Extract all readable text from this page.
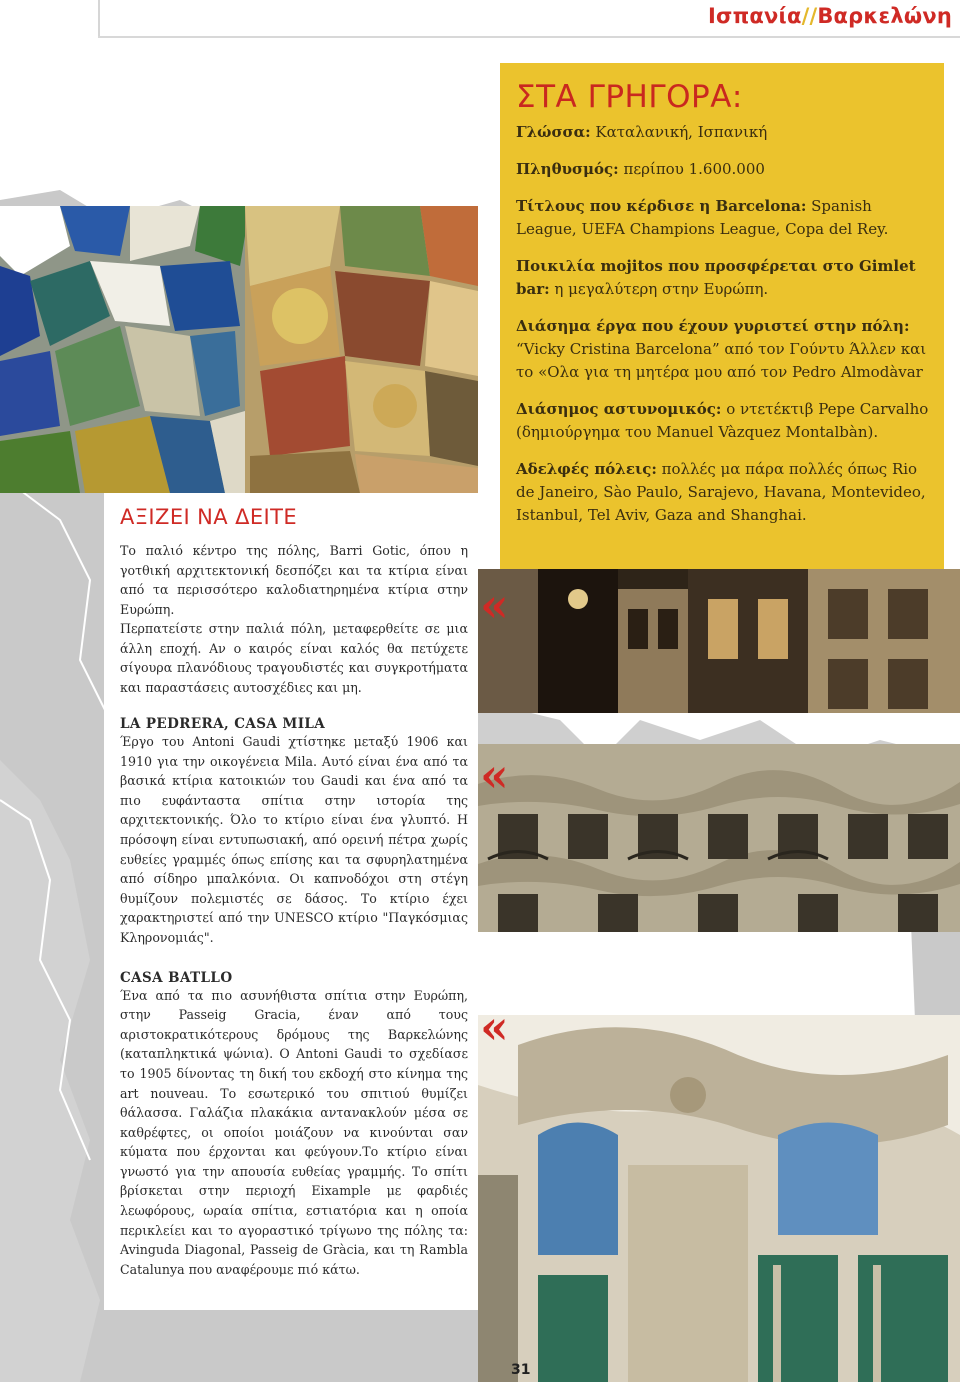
Ισπανία//Βαρκελώνη
ΣΤΑ ΓΡΗΓΟΡΑ:

Γλώσσα: Καταλανική, Ισπανική

Πληθυσμός: περίπου 1.600.000

Τίτλους που κέρδισε η Barcelona: Spanish League, UEFA Champions League, Copa del Rey.

Ποικιλία mojitos που προσφέρεται στο Gimlet bar: η μεγαλύτερη στην Ευρώπη.

Διάσημα έργα που έχουν γυριστεί στην πόλη: “Vicky Cristina Barcelona” από τον Γούντυ Άλλεν και το «Ολα για τη μητέρα μου από τον Pedro Almodàvar

Διάσημος αστυνομικός: ο ντετέκτιβ Pepe Carvalho (δημιούργημα του Manuel Vàzquez Montalbàn).

Αδελφές πόλεις: πολλές μα πάρα πολλές όπως Rio de Janeiro, Sào Paulo, Sarajevo, Havana, Montevideo, Istanbul, Tel Aviv, Gaza and Shanghai.

ΑΞΙΖΕΙ ΝΑ ΔΕΙΤΕ

Το παλιό κέντρο της πόλης, Barri Gotic, όπου η γοτθική αρχιτεκτονική δεσπόζει και τα κτίρια είναι από τα περισσότερο καλοδιατηρημένα κτίρια στην Ευρώπη.

Περπατείστε στην παλιά πόλη, μεταφερθείτε σε μια άλλη εποχή. Αν ο καιρός είναι καλός θα πετύχετε σίγουρα πλανόδιους τραγουδιστές και συγκροτήματα και παραστάσεις αυτοσχέδιες και μη.

LA PEDRERA, CASA MILA

Έργο του Antoni Gaudi χτίστηκε μεταξύ 1906 και 1910 για την οικογένεια Mila. Αυτό είναι ένα από τα βασικά κτίρια κατοικιών του Gaudi και ένα από τα πιο ευφάνταστα σπίτια στην ιστορία της αρχιτεκτονικής. Όλο το κτίριο είναι ένα γλυπτό. Η πρόσοψη είναι εντυπωσιακή, από ορεινή πέτρα χωρίς ευθείες γραμμές όπως επίσης και τα σφυρηλατημένα από σίδηρο μπαλκόνια. Οι καπνοδόχοι στη στέγη θυμίζουν πολεμιστές σε δάσος. Το κτίριο έχει χαρακτηριστεί από την UNESCO κτίριο "Παγκόσμιας Κληρονομιάς".

CASA BATLLO

Ένα από τα πιο ασυνήθιστα σπίτια στην Ευρώπη, στην Passeig Gracia, έναν από τους αριστοκρατικότερους δρόμους της Βαρκελώνης (καταπληκτικά ψώνια). Ο Antoni Gaudi το σχεδίασε το 1905 δίνοντας τη δική του εκδοχή στο κίνημα της art nouveau. Το εσωτερικό του σπιτιού θυμίζει θάλασσα. Γαλάζια πλακάκια αντανακλούν μέσα σε καθρέφτες, οι οποίοι μοιάζουν να κινούνται σαν κύματα που έρχονται και φεύγουν.Το κτίριο είναι γνωστό για την απουσία ευθείας γραμμής. Το σπίτι βρίσκεται στην περιοχή Eixample με φαρδιές λεωφόρους, ωραία σπίτια, εστιατόρια και η οποία περικλείει και το αγοραστικό τρίγωνο της πόλης τα: Avinguda Diagonal, Passeig de Gràcia, και τη Rambla Catalunya που αναφέρουμε πιό κάτω.

«
«
«
31
